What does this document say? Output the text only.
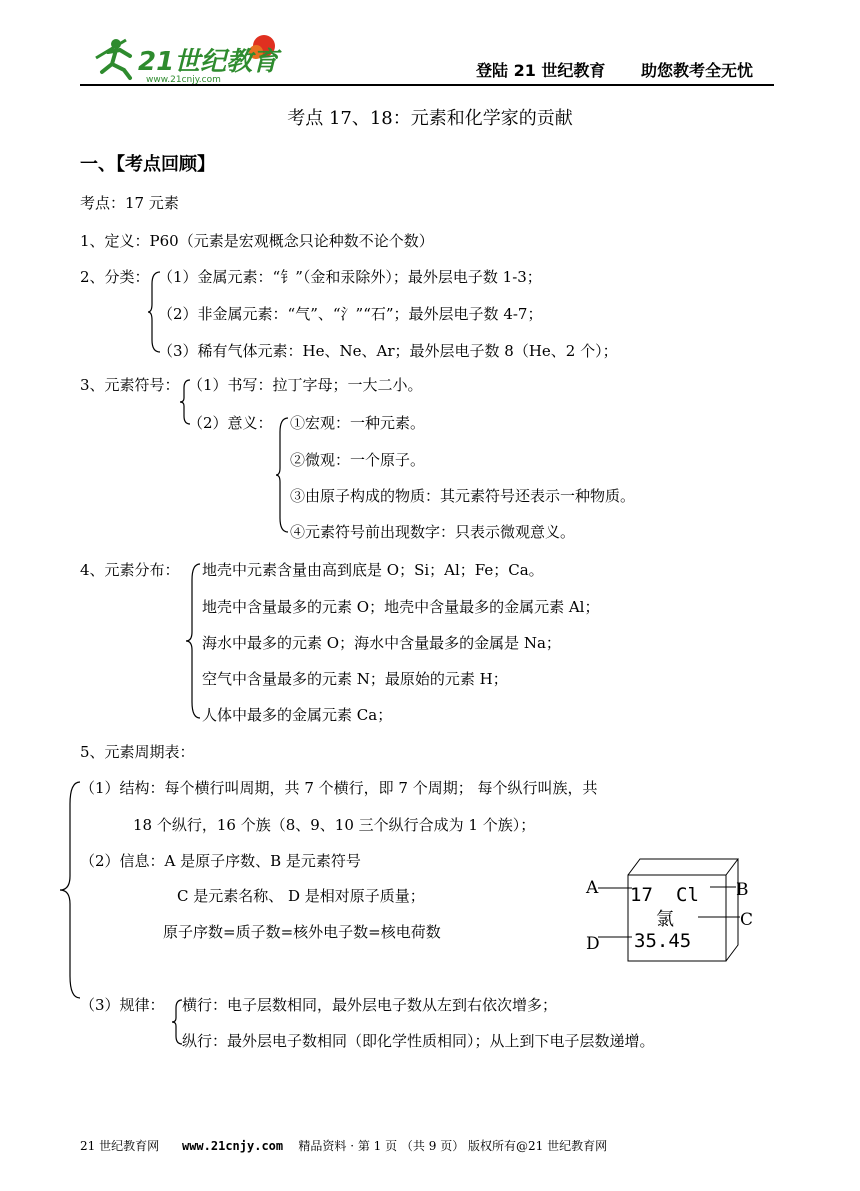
21世纪教育
www.21cnjy.com	登陆 21 世纪教育 助您教考全无忧
考点 17、18：元素和化学家的贡献
一、【考点回顾】
考点：17 元素
1、定义：P60（元素是宏观概念只论种数不论个数）
2、分类： （1）金属元素：“钅”（金和汞除外）；最外层电子数 1-3；
（2）非金属元素：“气”、“氵”“石”；最外层电子数 4-7；
（3）稀有气体元素：He、Ne、Ar；最外层电子数 8（He、2 个）；
3、元素符号： （1）书写：拉丁字母；一大二小。
（2）意义： ①宏观：一种元素。
②微观：一个原子。
③由原子构成的物质：其元素符号还表示一种物质。
④元素符号前出现数字：只表示微观意义。
4、元素分布： 地壳中元素含量由高到底是 O；Si；Al；Fe；Ca。
地壳中含量最多的元素 O；地壳中含量最多的金属元素 Al；
海水中最多的元素 O；海水中含量最多的金属是 Na；
空气中含量最多的元素 N；最原始的元素 H；
人体中最多的金属元素 Ca；
5、元素周期表：
（1）结构：每个横行叫周期，共 7 个横行，即 7 个周期； 每个纵行叫族，共
18 个纵行，16 个族（8、9、10 三个纵行合成为 1 个族）；
（2）信息：A 是原子序数、B 是元素符号
C 是元素名称、 D 是相对原子质量；
原子序数=质子数=核外电子数=核电荷数
17 Cl
氯
35.45
A	B
C
D
（3）规律： 横行：电子层数相同，最外层电子数从左到右依次增多；
纵行：最外层电子数相同（即化学性质相同）；从上到下电子层数递增。
21 世纪教育网 www.21cnjy.com 精品资料 · 第 1 页 （共 9 页） 版权所有@21 世纪教育网
